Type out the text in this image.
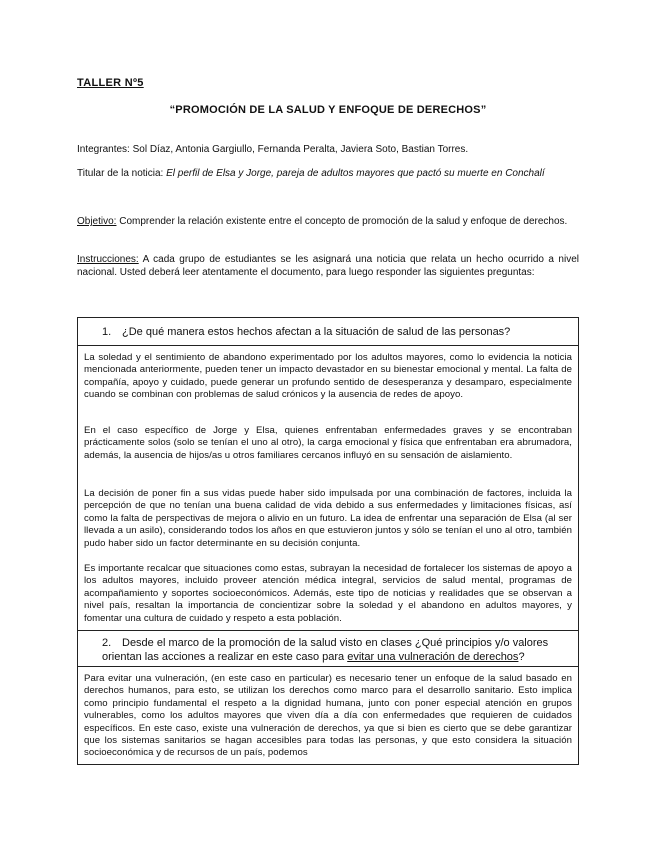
TALLER Nº5
“PROMOCIÓN DE LA SALUD Y ENFOQUE DE DERECHOS”
Integrantes: Sol Díaz, Antonia Gargiullo, Fernanda Peralta, Javiera Soto, Bastian Torres.
Titular de la noticia: El perfil de Elsa y Jorge, pareja de adultos mayores que pactó su muerte en Conchalí
Objetivo: Comprender la relación existente entre el concepto de promoción de la salud y enfoque de derechos.
Instrucciones: A cada grupo de estudiantes se les asignará una noticia que relata un hecho ocurrido a nivel nacional. Usted deberá leer atentamente el documento, para luego responder las siguientes preguntas:
1. ¿De qué manera estos hechos afectan a la situación de salud de las personas?
La soledad y el sentimiento de abandono experimentado por los adultos mayores, como lo evidencia la noticia mencionada anteriormente, pueden tener un impacto devastador en su bienestar emocional y mental. La falta de compañía, apoyo y cuidado, puede generar un profundo sentido de desesperanza y desamparo, especialmente cuando se combinan con problemas de salud crónicos y la ausencia de redes de apoyo.
En el caso específico de Jorge y Elsa, quienes enfrentaban enfermedades graves y se encontraban prácticamente solos (solo se tenían el uno al otro), la carga emocional y física que enfrentaban era abrumadora, además, la ausencia de hijos/as u otros familiares cercanos influyó en su sensación de aislamiento.
La decisión de poner fin a sus vidas puede haber sido impulsada por una combinación de factores, incluida la percepción de que no tenían una buena calidad de vida debido a sus enfermedades y limitaciones físicas, así como la falta de perspectivas de mejora o alivio en un futuro. La idea de enfrentar una separación de Elsa (al ser llevada a un asilo), considerando todos los años en que estuvieron juntos y sólo se tenían el uno al otro, también pudo haber sido un factor determinante en su decisión conjunta.
Es importante recalcar que situaciones como estas, subrayan la necesidad de fortalecer los sistemas de apoyo a los adultos mayores, incluido proveer atención médica integral, servicios de salud mental, programas de acompañamiento y soportes socioeconómicos. Además, este tipo de noticias y realidades que se observan a nivel país, resaltan la importancia de concientizar sobre la soledad y el abandono en adultos mayores, y fomentar una cultura de cuidado y respeto a esta población.
2. Desde el marco de la promoción de la salud visto en clases ¿Qué principios y/o valores orientan las acciones a realizar en este caso para evitar una vulneración de derechos?
Para evitar una vulneración, (en este caso en particular) es necesario tener un enfoque de la salud basado en derechos humanos, para esto, se utilizan los derechos como marco para el desarrollo sanitario. Esto implica como principio fundamental el respeto a la dignidad humana, junto con poner especial atención en grupos vulnerables, como los adultos mayores que viven día a día con enfermedades que requieren de cuidados específicos. En este caso, existe una vulneración de derechos, ya que si bien es cierto que se debe garantizar que los sistemas sanitarios se hagan accesibles para todas las personas, y que esto considera la situación socioeconómica y de recursos de un país, podemos
